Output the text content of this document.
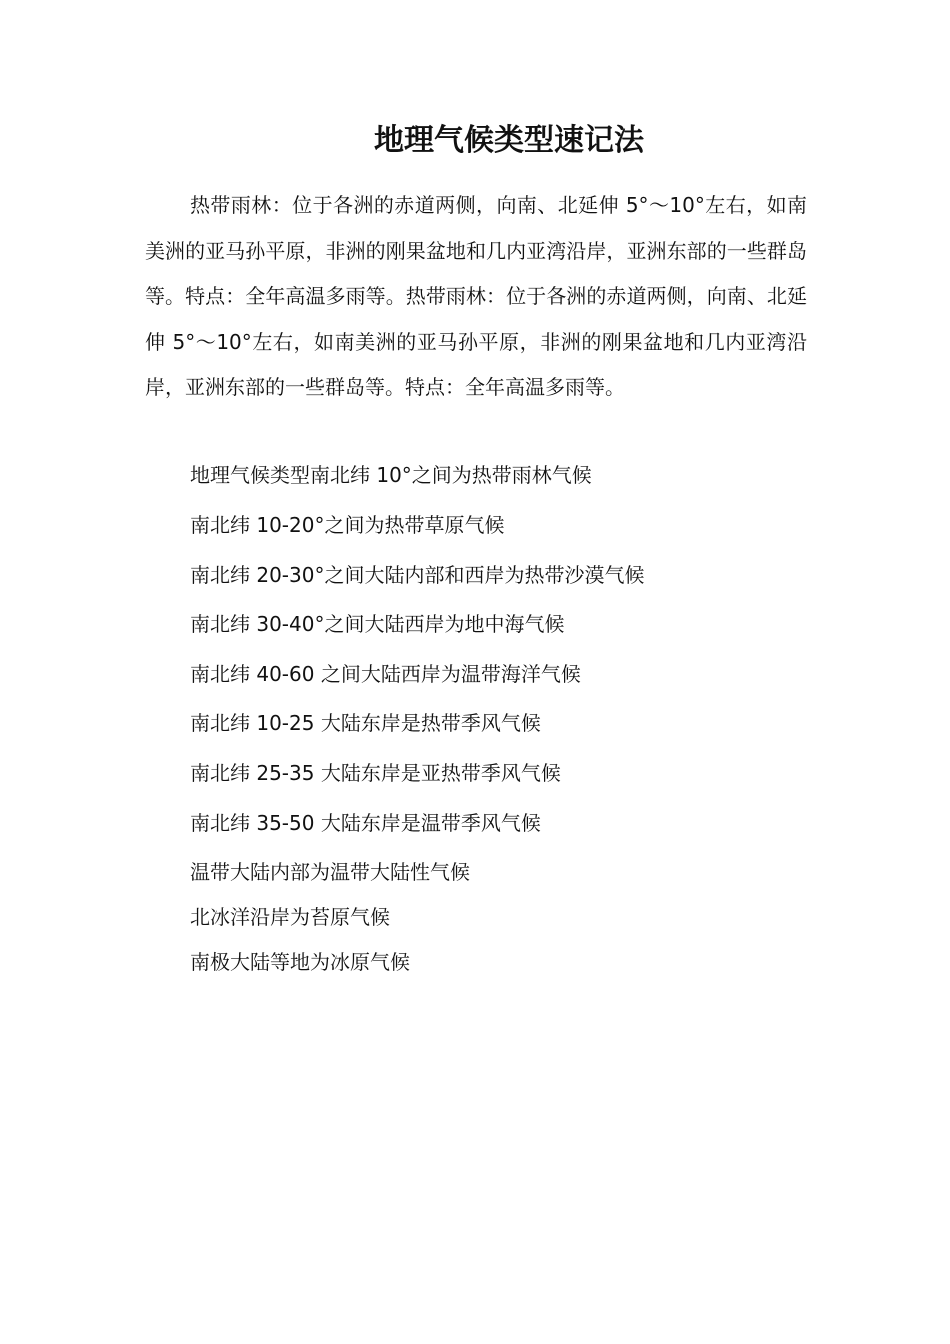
地理气候类型速记法

热带雨林：位于各洲的赤道两侧，向南、北延伸 5°～10°左右，如南美洲的亚马孙平原，非洲的刚果盆地和几内亚湾沿岸，亚洲东部的一些群岛等。特点：全年高温多雨等。热带雨林：位于各洲的赤道两侧，向南、北延伸 5°～10°左右，如南美洲的亚马孙平原，非洲的刚果盆地和几内亚湾沿岸，亚洲东部的一些群岛等。特点：全年高温多雨等。

地理气候类型南北纬 10°之间为热带雨林气候
南北纬 10-20°之间为热带草原气候
南北纬 20-30°之间大陆内部和西岸为热带沙漠气候
南北纬 30-40°之间大陆西岸为地中海气候
南北纬 40-60 之间大陆西岸为温带海洋气候
南北纬 10-25 大陆东岸是热带季风气候
南北纬 25-35 大陆东岸是亚热带季风气候
南北纬 35-50 大陆东岸是温带季风气候
温带大陆内部为温带大陆性气候
北冰洋沿岸为苔原气候
南极大陆等地为冰原气候
